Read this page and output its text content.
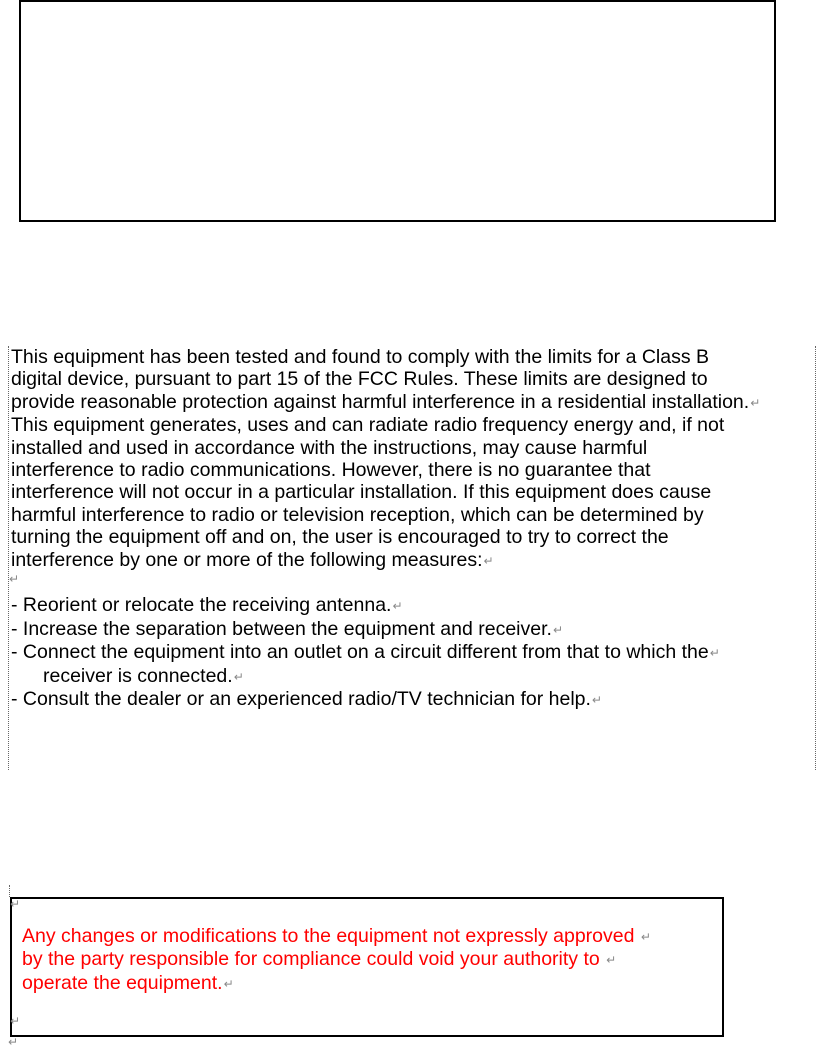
This equipment has been tested and found to comply with the limits for a Class B
digital device, pursuant to part 15 of the FCC Rules. These limits are designed to
provide reasonable protection against harmful interference in a residential installation.↵
This equipment generates, uses and can radiate radio frequency energy and, if not
installed and used in accordance with the instructions, may cause harmful
interference to radio communications. However, there is no guarantee that
interference will not occur in a particular installation. If this equipment does cause
harmful interference to radio or television reception, which can be determined by
turning the equipment off and on, the user is encouraged to try to correct the
interference by one or more of the following measures:↵
↵
- Reorient or relocate the receiving antenna.↵
- Increase the separation between the equipment and receiver.↵
- Connect the equipment into an outlet on a circuit different from that to which the↵
receiver is connected.↵
- Consult the dealer or an experienced radio/TV technician for help.↵
↵
Any changes or modifications to the equipment not expressly approved ↵
by the party responsible for compliance could void your authority to ↵
operate the equipment.↵
↵
↵
